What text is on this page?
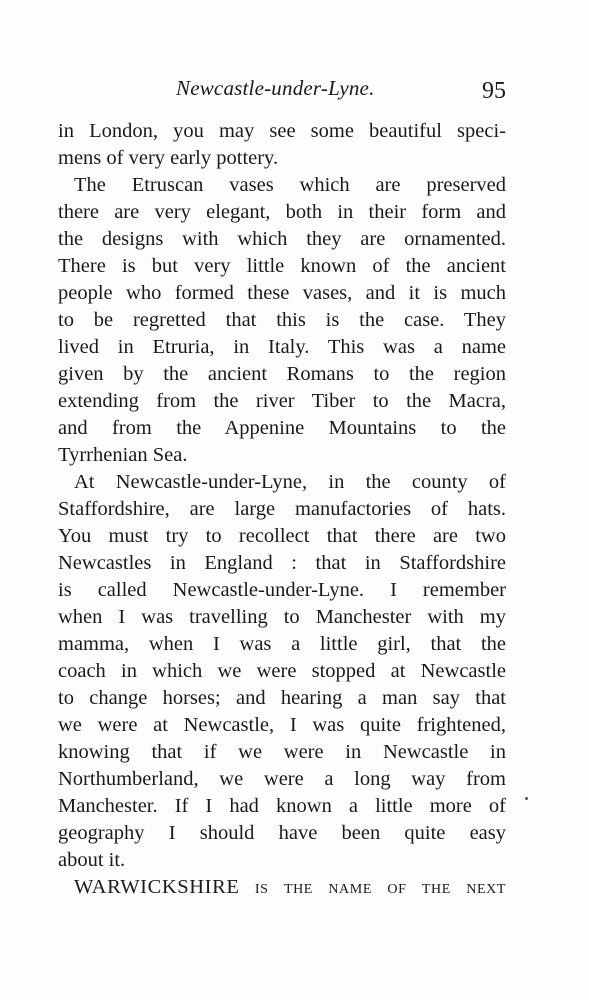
Newcastle-under-Lyne.	95
in London, you may see some beautiful speci-
mens of very early pottery.
The Etruscan vases which are preserved
there are very elegant, both in their form and
the designs with which they are ornamented.
There is but very little known of the ancient
people who formed these vases, and it is much
to be regretted that this is the case. They
lived in Etruria, in Italy. This was a name
given by the ancient Romans to the region
extending from the river Tiber to the Macra,
and from the Appenine Mountains to the
Tyrrhenian Sea.
At Newcastle-under-Lyne, in the county of
Staffordshire, are large manufactories of hats.
You must try to recollect that there are two
Newcastles in England : that in Staffordshire
is called Newcastle-under-Lyne. I remember
when I was travelling to Manchester with my
mamma, when I was a little girl, that the
coach in which we were stopped at Newcastle
to change horses; and hearing a man say that
we were at Newcastle, I was quite frightened,
knowing that if we were in Newcastle in
Northumberland, we were a long way from
Manchester. If I had known a little more of
geography I should have been quite easy
about it.
WARWICKSHIRE is the name of the next
